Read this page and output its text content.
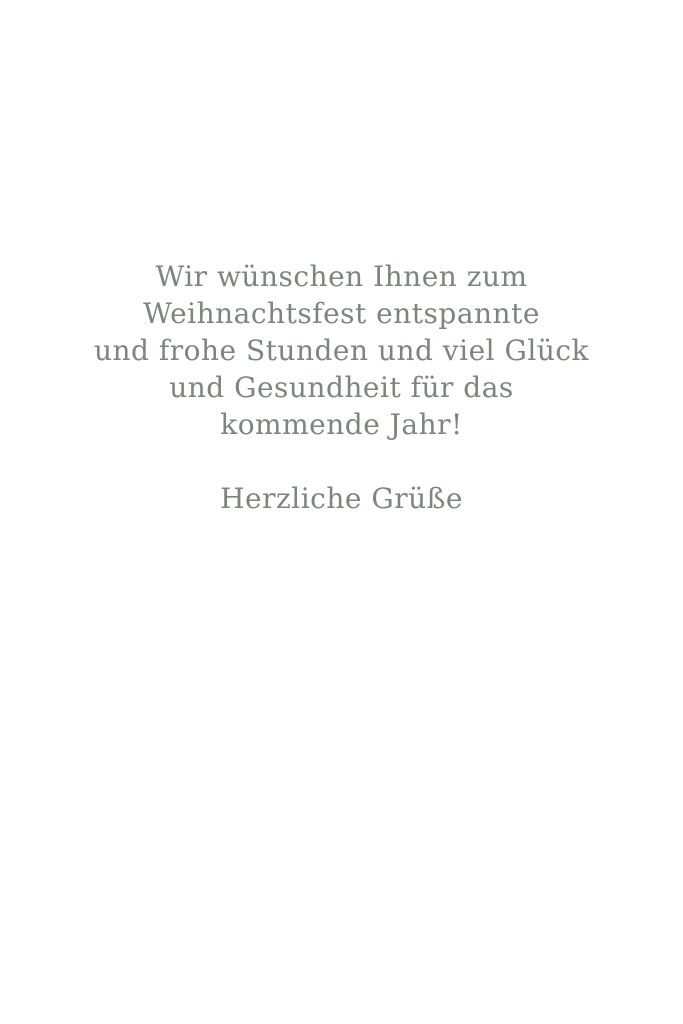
Wir wünschen Ihnen zum
Weihnachtsfest entspannte
und frohe Stunden und viel Glück
und Gesundheit für das
kommende Jahr!
Herzliche Grüße
